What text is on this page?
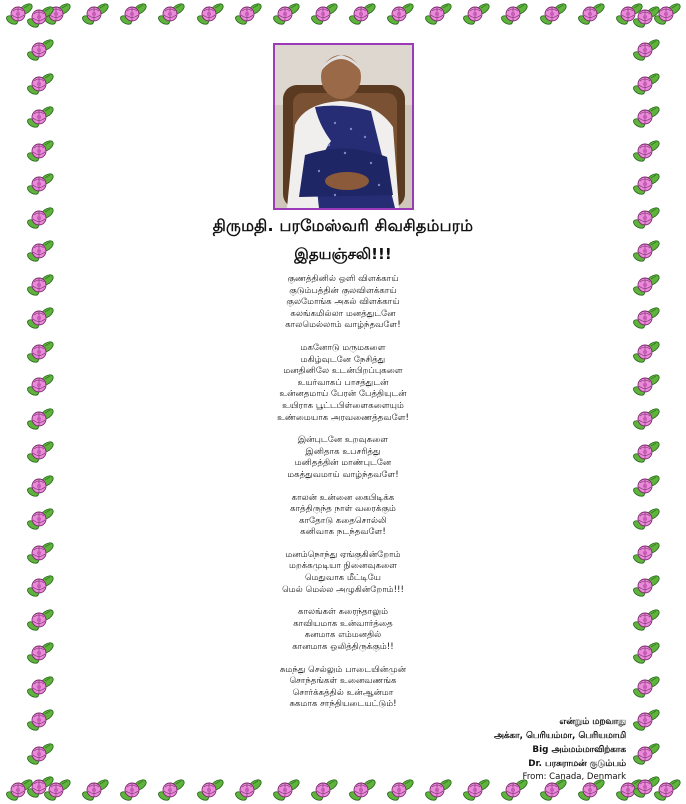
திருமதி. பரமேஸ்வரி சிவசிதம்பரம்
இதயஞ்சலி!!!
குணத்தினில் ஒளி விளக்காய்
குடும்பத்தின் குலவிளக்காய்
குலமோங்க அகல் விளக்காய்
கலங்கமில்லா மனத்துடனே
காலமெல்லாம் வாழ்ந்தவளே!
மகனோடு மருமகளை
மகிழ்வுடனே நேசித்து
மனதினிலே உடன்பிறப்புகளை
உயர்வாகப் பாசத்துடன்
உன்னதமாய் பேரன் பேத்தியுடன்
உயிராக பூட்டபிள்ளைகளையும்
உண்மையாக அரவணைத்தவளே!
இன்புடனே உறவுகளை
இனிதாக உபசரித்து
மனிதத்தின் மாண்புடனே
மகத்துவமாய் வாழ்ந்தவளே!
காலன் உன்னை கைபிடிக்க
காத்திருந்த நாள் வரைக்கும்
காதோடு கதைசொல்லி
கனிவாக நடந்தவளே!
மனம்நொந்து ஏங்குகின்றோம்
மறக்கமுடியா நினைவுகளை
மெதுவாக மீட்டியே
மெல் மெல்ல அழுகின்றோம்!!!
காலங்கள் கரைந்தாலும்
காவியமாக உன்வார்த்தை
கனமாக எம்மனதில்
கானமாக ஒலித்திருக்கும்!!
சுமந்து செல்லும் பாடையின்முன்
சொந்தங்கள் உனைவணங்க
சொர்க்கத்தில் உன்ஆன்மா
சுகமாக சாந்தியடையட்டும்!
என்றும் மறவாது
அக்கா, பெரியம்மா, பெரியமாமி
Big அம்மம்மாவிற்காக
Dr. பரசுராமன் குடும்பம்
From: Canada, Denmark
